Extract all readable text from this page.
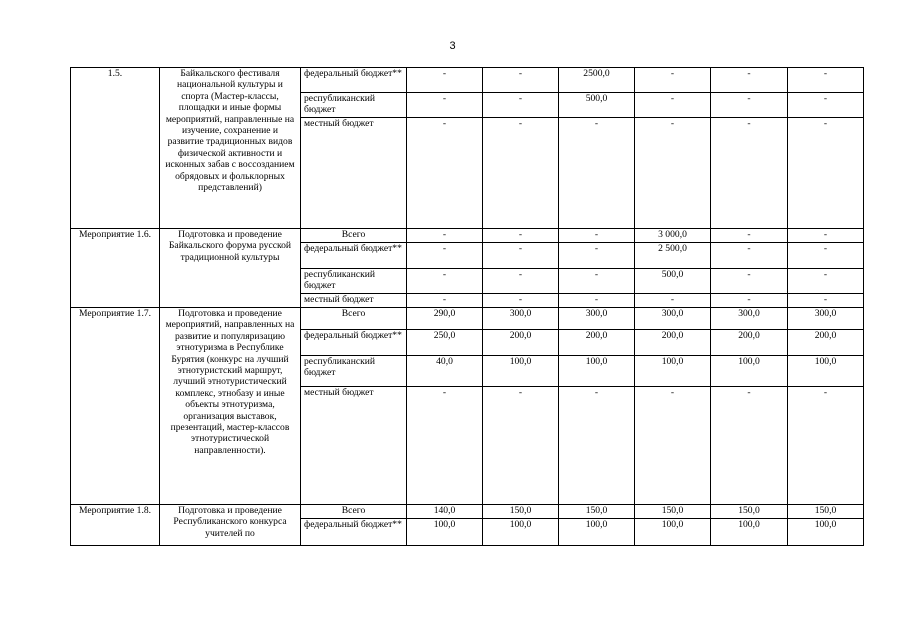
3
1.5.	Байкальского фестиваля национальной культуры и спорта (Мастер-классы, площадки и иные формы мероприятий, направленные на изучение, сохранение и развитие традиционных видов физической активности и исконных забав с воссозданием обрядовых и фольклорных представлений)	федеральный бюджет**	-	-	2500,0	-	-	-
		республиканский бюджет	-	-	500,0	-	-	-
		местный бюджет	-	-	-	-	-	-
Мероприятие 1.6.	Подготовка и проведение Байкальского форума русской традиционной культуры	Всего	-	-	-	3 000,0	-	-
		федеральный бюджет**	-	-	-	2 500,0	-	-
		республиканский бюджет	-	-	-	500,0	-	-
		местный бюджет	-	-	-	-	-	-
Мероприятие 1.7.	Подготовка и проведение мероприятий, направленных на развитие и популяризацию этнотуризма в Республике Бурятия (конкурс на лучший этнотуристский маршрут, лучший этнотуристический комплекс, этнобазу и иные объекты этнотуризма, организация выставок, презентаций, мастер-классов этнотуристической направленности).	Всего	290,0	300,0	300,0	300,0	300,0	300,0
		федеральный бюджет**	250,0	200,0	200,0	200,0	200,0	200,0
		республиканский бюджет	40,0	100,0	100,0	100,0	100,0	100,0
		местный бюджет	-	-	-	-	-	-
Мероприятие 1.8.	Подготовка и проведение Республиканского конкурса учителей по	Всего	140,0	150,0	150,0	150,0	150,0	150,0
		федеральный бюджет**	100,0	100,0	100,0	100,0	100,0	100,0
